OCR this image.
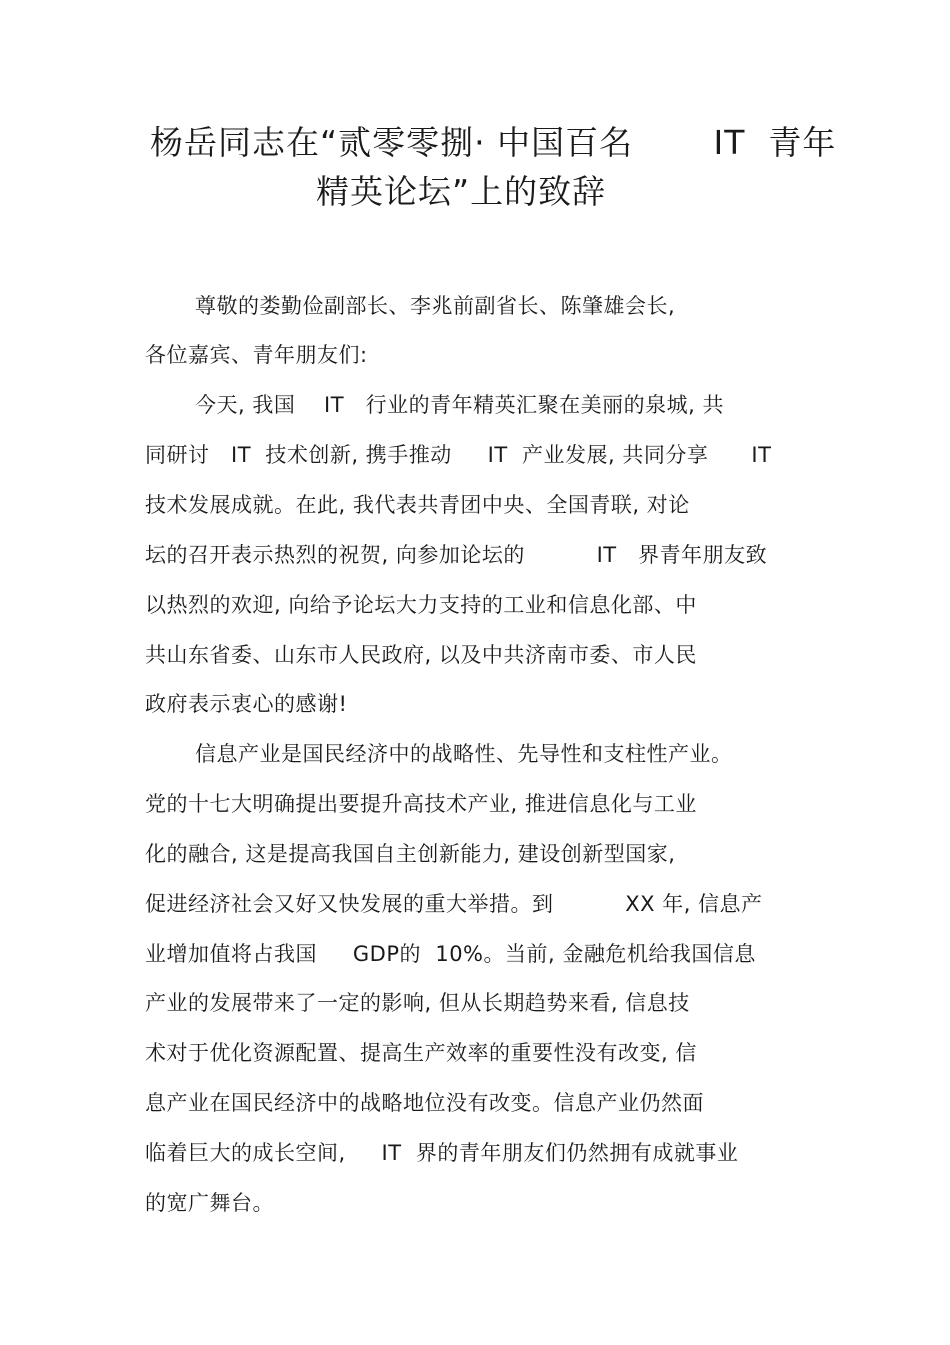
杨岳同志在“贰零零捌· 中国百名       IT  青年
精英论坛”上的致辞
尊敬的娄勤俭副部长、李兆前副省长、陈肇雄会长,
各位嘉宾、青年朋友们:
今天, 我国    IT   行业的青年精英汇聚在美丽的泉城, 共
同研讨   IT  技术创新, 携手推动     IT  产业发展, 共同分享      IT
技术发展成就。在此, 我代表共青团中央、全国青联, 对论
坛的召开表示热烈的祝贺, 向参加论坛的          IT   界青年朋友致
以热烈的欢迎, 向给予论坛大力支持的工业和信息化部、中
共山东省委、山东市人民政府, 以及中共济南市委、市人民
政府表示衷心的感谢!
信息产业是国民经济中的战略性、先导性和支柱性产业。
党的十七大明确提出要提升高技术产业, 推进信息化与工业
化的融合, 这是提高我国自主创新能力, 建设创新型国家,
促进经济社会又好又快发展的重大举措。到          XX 年, 信息产
业增加值将占我国     GDP的  10%。当前, 金融危机给我国信息
产业的发展带来了一定的影响, 但从长期趋势来看, 信息技
术对于优化资源配置、提高生产效率的重要性没有改变, 信
息产业在国民经济中的战略地位没有改变。信息产业仍然面
临着巨大的成长空间,     IT  界的青年朋友们仍然拥有成就事业
的宽广舞台。
